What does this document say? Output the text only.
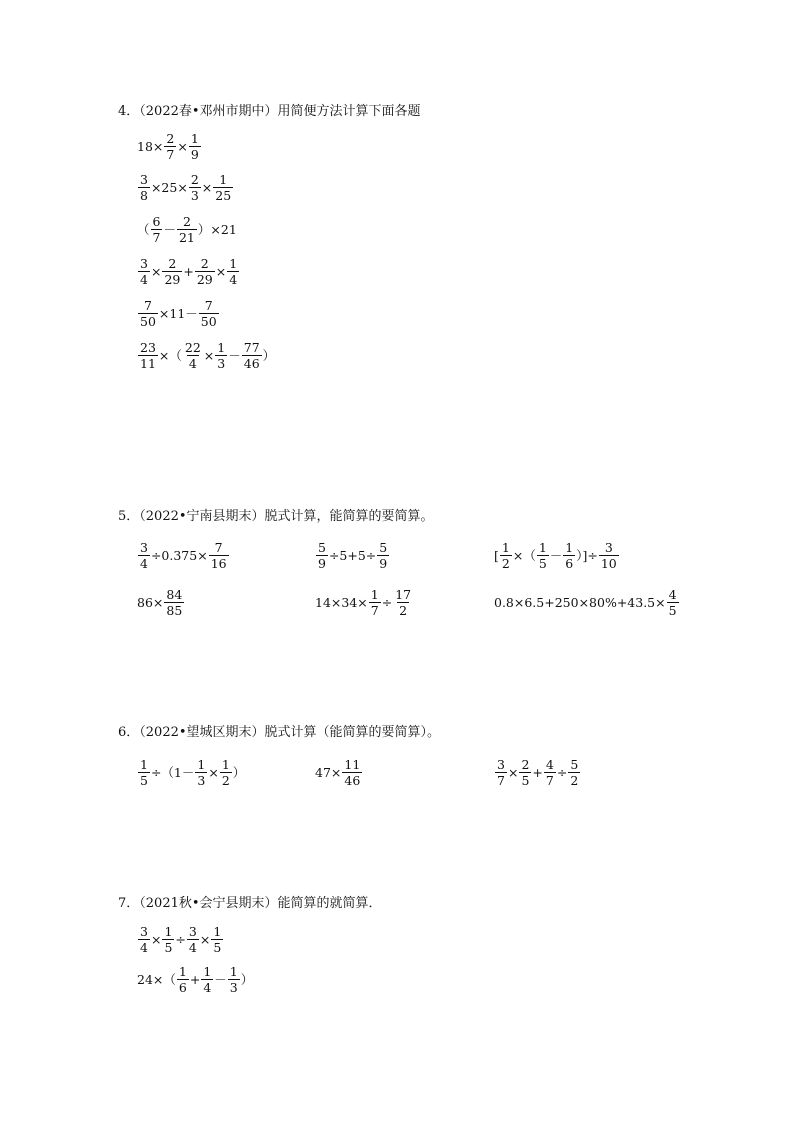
4．（2022春•邓州市期中）用简便方法计算下面各题
$18\times \frac{2}{7} \times \frac{1}{9}$
$\frac{3}{8} \times 25\times \frac{2}{3} \times \frac{1}{25}$
（ $\frac{6}{7} - \frac{2}{21} )\times 21$
$\frac{3}{4} \times \frac{2}{29} + \frac{2}{29} \times \frac{1}{4}$
$\frac{7}{50} \times 11- \frac{7}{50}$
$\frac{23}{11}$ ×（ $\frac{22}{4} \times \frac{1}{3} - \frac{77}{46}$ ）
5．（2022•宁南县期末）脱式计算，能简算的要简算。
$\frac{3}{4} \div 0.375\times \frac{7}{16}$	$\frac{5}{9} \div 5+5\div \frac{5}{9}$	[ $\frac{1}{2}$ ×（ $\frac{1}{5} - \frac{1}{6}$ ）]÷ $\frac{3}{10}$
$86\times \frac{84}{85}$	$14\times 34\times \frac{1}{7} \div \frac{17}{2}$	$0.8\times 6.5+250\times 80\%+43.5\times \frac{4}{5}$
6．（2022•望城区期末）脱式计算（能简算的要简算）。
$\frac{1}{5} \div(1- \frac{1}{3} \times \frac{1}{2}$ ）	$47\times \frac{11}{46}$	$\frac{3}{7} \times \frac{2}{5} + \frac{4}{7} \div \frac{5}{2}$
7．（2021秋•会宁县期末）能简算的就简算．
$\frac{3}{4} \times \frac{1}{5} \div \frac{3}{4} \times \frac{1}{5}$
$24\times( \frac{1}{6} + \frac{1}{4} - \frac{1}{3}$ ）
